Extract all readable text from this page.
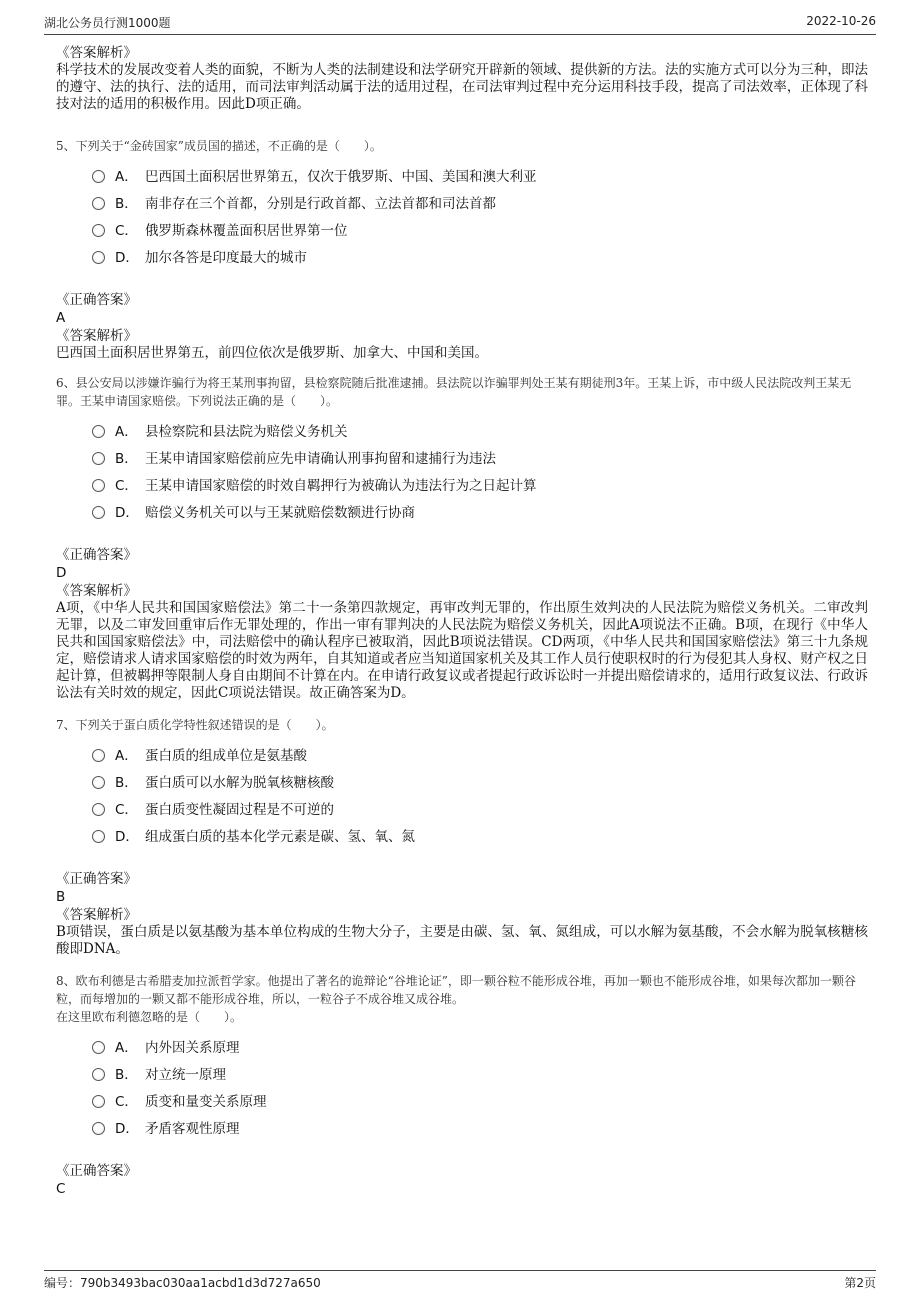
湖北公务员行测1000题	2022-10-26

《答案解析》

科学技术的发展改变着人类的面貌，不断为人类的法制建设和法学研究开辟新的领域、提供新的方法。法的实施方式可以分为三种，即法的遵守、法的执行、法的适用，而司法审判活动属于法的适用过程，在司法审判过程中充分运用科技手段，提高了司法效率，正体现了科技对法的适用的积极作用。因此D项正确。

5、下列关于“金砖国家”成员国的描述，不正确的是（　　）。

A． 巴西国土面积居世界第五，仅次于俄罗斯、中国、美国和澳大利亚
B． 南非存在三个首都，分别是行政首都、立法首都和司法首都
C． 俄罗斯森林覆盖面积居世界第一位
D． 加尔各答是印度最大的城市

《正确答案》

A

《答案解析》

巴西国土面积居世界第五，前四位依次是俄罗斯、加拿大、中国和美国。

6、县公安局以涉嫌诈骗行为将王某刑事拘留，县检察院随后批准逮捕。县法院以诈骗罪判处王某有期徒刑3年。王某上诉，市中级人民法院改判王某无罪。王某申请国家赔偿。下列说法正确的是（　　）。

A． 县检察院和县法院为赔偿义务机关
B． 王某申请国家赔偿前应先申请确认刑事拘留和逮捕行为违法
C． 王某申请国家赔偿的时效自羁押行为被确认为违法行为之日起计算
D． 赔偿义务机关可以与王某就赔偿数额进行协商

《正确答案》

D

《答案解析》

A项，《中华人民共和国国家赔偿法》第二十一条第四款规定，再审改判无罪的，作出原生效判决的人民法院为赔偿义务机关。二审改判无罪，以及二审发回重审后作无罪处理的，作出一审有罪判决的人民法院为赔偿义务机关，因此A项说法不正确。B项，在现行《中华人民共和国国家赔偿法》中，司法赔偿中的确认程序已被取消，因此B项说法错误。CD两项，《中华人民共和国国家赔偿法》第三十九条规定，赔偿请求人请求国家赔偿的时效为两年，自其知道或者应当知道国家机关及其工作人员行使职权时的行为侵犯其人身权、财产权之日起计算，但被羁押等限制人身自由期间不计算在内。在申请行政复议或者提起行政诉讼时一并提出赔偿请求的，适用行政复议法、行政诉讼法有关时效的规定，因此C项说法错误。故正确答案为D。

7、下列关于蛋白质化学特性叙述错误的是（　　）。

A． 蛋白质的组成单位是氨基酸
B． 蛋白质可以水解为脱氧核糖核酸
C． 蛋白质变性凝固过程是不可逆的
D． 组成蛋白质的基本化学元素是碳、氢、氧、氮

《正确答案》

B

《答案解析》

B项错误，蛋白质是以氨基酸为基本单位构成的生物大分子，主要是由碳、氢、氧、氮组成，可以水解为氨基酸，不会水解为脱氧核糖核酸即DNA。

8、欧布利德是古希腊麦加拉派哲学家。他提出了著名的诡辩论“谷堆论证”，即一颗谷粒不能形成谷堆，再加一颗也不能形成谷堆，如果每次都加一颗谷粒，而每增加的一颗又都不能形成谷堆，所以，一粒谷子不成谷堆又成谷堆。

在这里欧布利德忽略的是（　　）。

A． 内外因关系原理
B． 对立统一原理
C． 质变和量变关系原理
D． 矛盾客观性原理

《正确答案》

C

编号：790b3493bac030aa1acbd1d3d727a650	第2页
